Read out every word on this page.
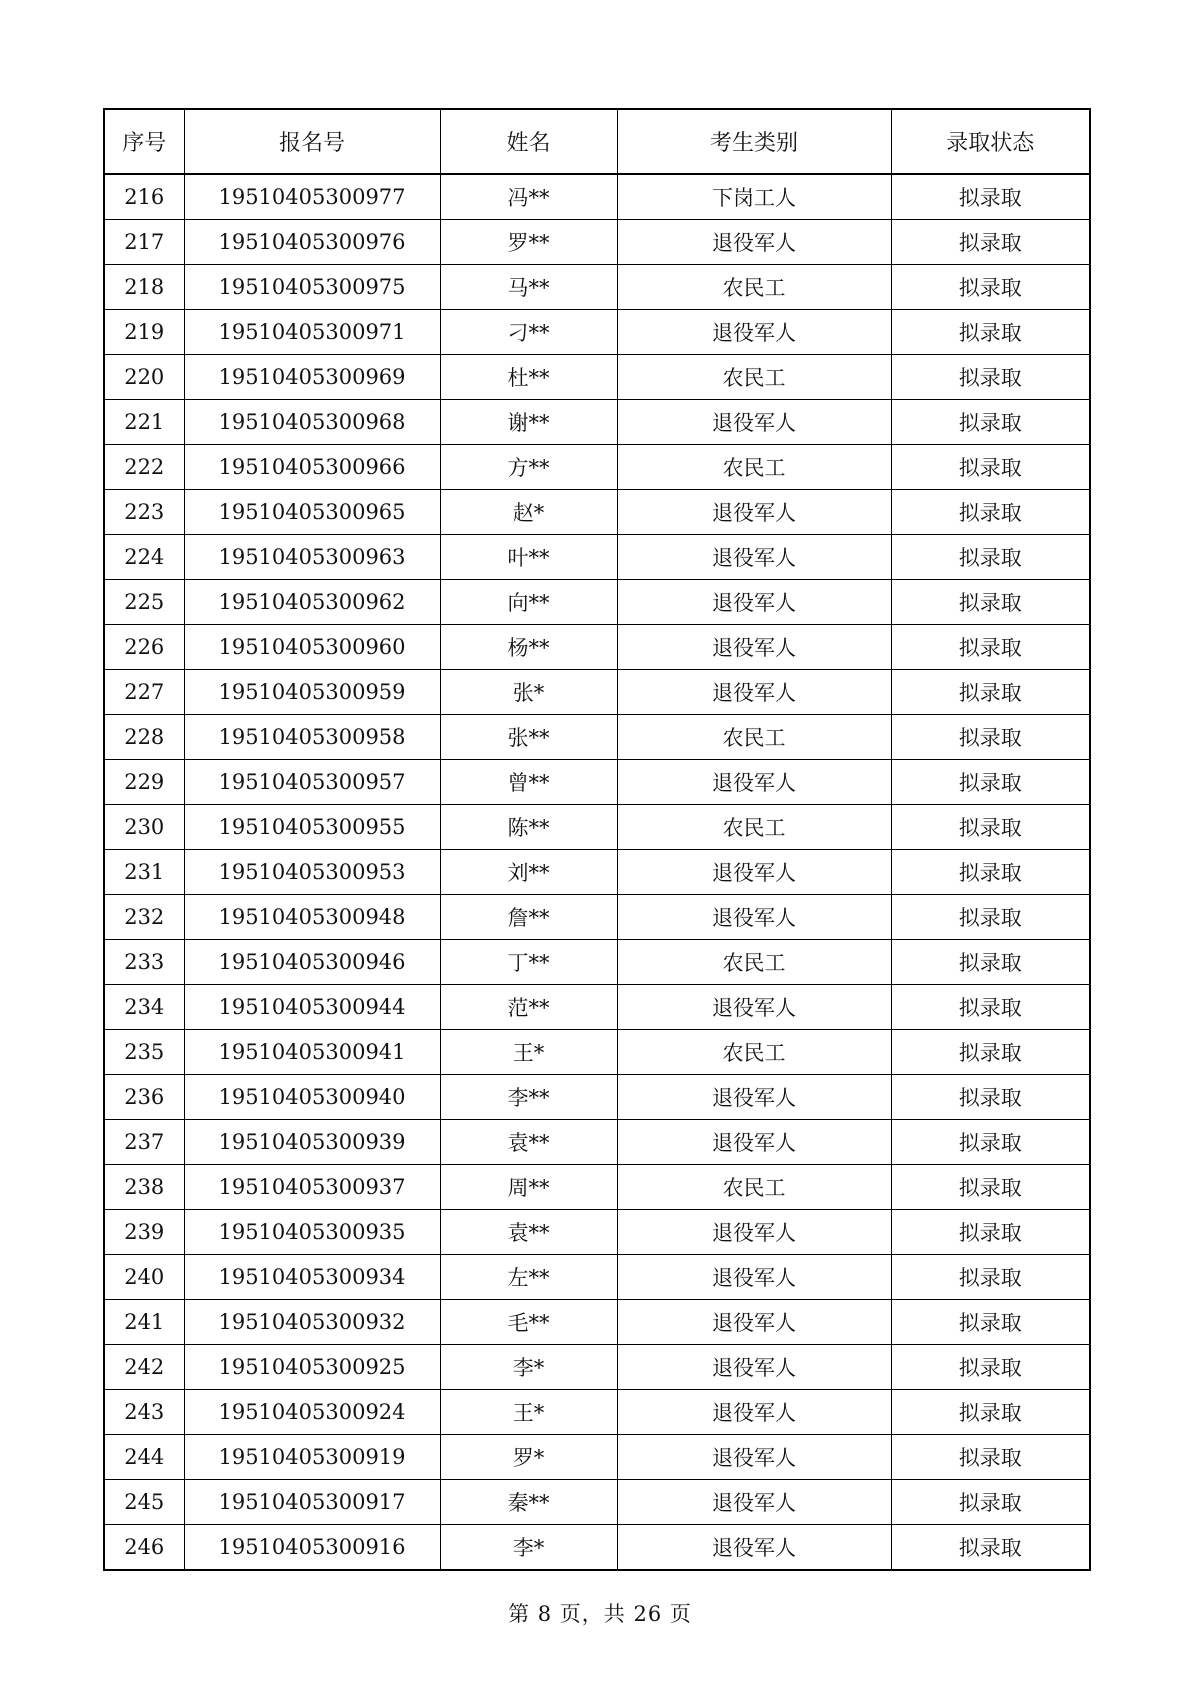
序号	报名号	姓名	考生类别	录取状态
216	19510405300977	冯**	下岗工人	拟录取
217	19510405300976	罗**	退役军人	拟录取
218	19510405300975	马**	农民工	拟录取
219	19510405300971	刁**	退役军人	拟录取
220	19510405300969	杜**	农民工	拟录取
221	19510405300968	谢**	退役军人	拟录取
222	19510405300966	方**	农民工	拟录取
223	19510405300965	赵*	退役军人	拟录取
224	19510405300963	叶**	退役军人	拟录取
225	19510405300962	向**	退役军人	拟录取
226	19510405300960	杨**	退役军人	拟录取
227	19510405300959	张*	退役军人	拟录取
228	19510405300958	张**	农民工	拟录取
229	19510405300957	曾**	退役军人	拟录取
230	19510405300955	陈**	农民工	拟录取
231	19510405300953	刘**	退役军人	拟录取
232	19510405300948	詹**	退役军人	拟录取
233	19510405300946	丁**	农民工	拟录取
234	19510405300944	范**	退役军人	拟录取
235	19510405300941	王*	农民工	拟录取
236	19510405300940	李**	退役军人	拟录取
237	19510405300939	袁**	退役军人	拟录取
238	19510405300937	周**	农民工	拟录取
239	19510405300935	袁**	退役军人	拟录取
240	19510405300934	左**	退役军人	拟录取
241	19510405300932	毛**	退役军人	拟录取
242	19510405300925	李*	退役军人	拟录取
243	19510405300924	王*	退役军人	拟录取
244	19510405300919	罗*	退役军人	拟录取
245	19510405300917	秦**	退役军人	拟录取
246	19510405300916	李*	退役军人	拟录取
第 8 页，共 26 页
